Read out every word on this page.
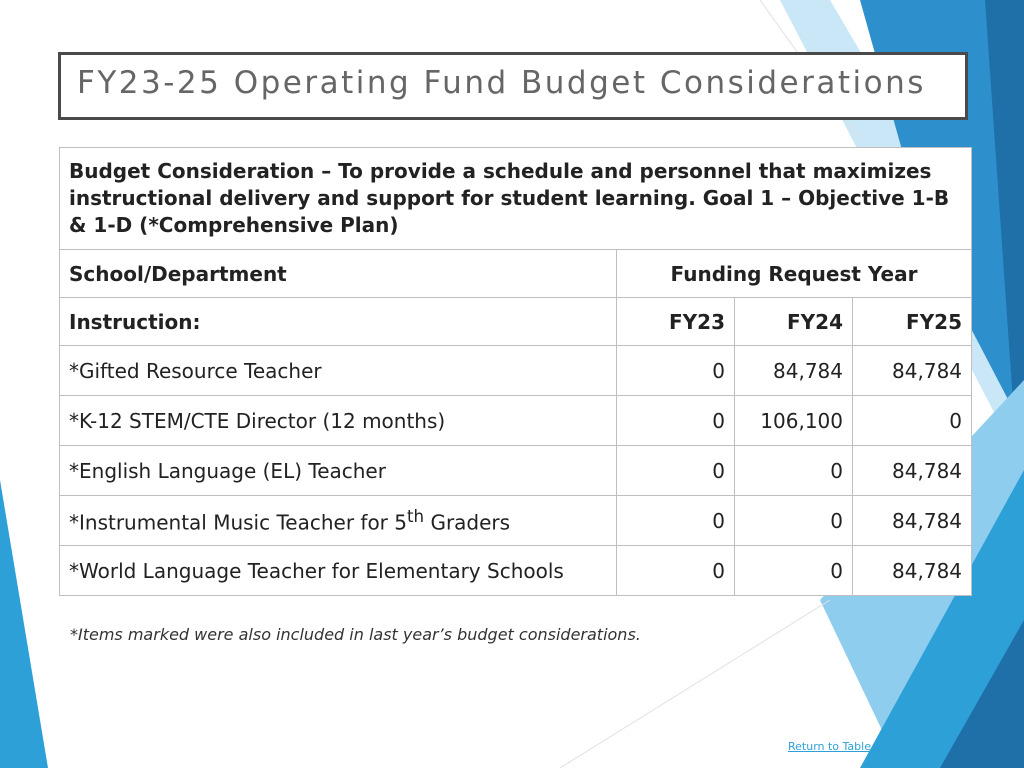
FY23-25 Operating Fund Budget Considerations
Budget Consideration – To provide a schedule and personnel that maximizes instructional delivery and support for student learning. Goal 1 – Objective 1-B & 1-D (*Comprehensive Plan)			

School/Department	Funding Request Year		
Instruction:	FY23	FY24	FY25
*Gifted Resource Teacher	0	84,784	84,784
*K-12 STEM/CTE Director (12 months)	0	106,100	0
*English Language (EL) Teacher	0	0	84,784
*Instrumental Music Teacher for 5th Graders	0	0	84,784
*World Language Teacher for Elementary Schools	0	0	84,784
*Items marked were also included in last year’s budget considerations.
Return to Table of Contents
